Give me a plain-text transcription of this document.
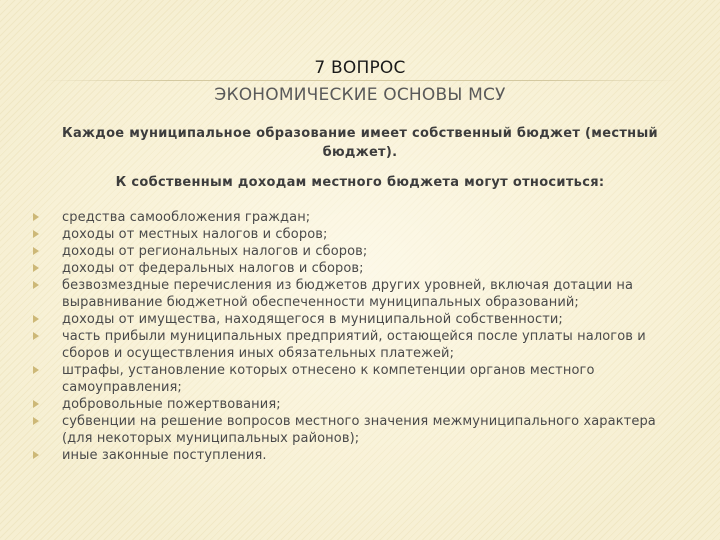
7 ВОПРОС
ЭКОНОМИЧЕСКИЕ ОСНОВЫ МСУ
Каждое муниципальное образование имеет собственный бюджет (местный бюджет).
К собственным доходам местного бюджета могут относиться:
средства самообложения граждан;
доходы от местных налогов и сборов;
доходы от региональных налогов и сборов;
доходы от федеральных налогов и сборов;
безвозмездные перечисления из бюджетов других уровней, включая дотации на выравнивание бюджетной обеспеченности муниципальных образований;
доходы от имущества, находящегося в муниципальной собственности;
часть прибыли муниципальных предприятий, остающейся после уплаты налогов и сборов и осуществления иных обязательных платежей;
штрафы, установление которых отнесено к компетенции органов местного самоуправления;
добровольные пожертвования;
субвенции на решение вопросов местного значения межмуниципального характера (для некоторых муниципальных районов);
иные законные поступления.
